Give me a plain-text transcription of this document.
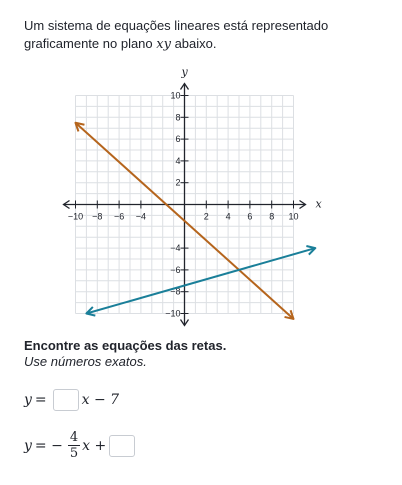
Um sistema de equações lineares está representado graficamente no plano xy abaixo.
x
y
−10 −8 −6 −4	2 4 6 8 10
10
8
6
4
2
−4
−6
−8
−10
Encontre as equações das retas.
Use números exatos.
y =	x − 7
y = − $\frac{4}{5}$ x +
